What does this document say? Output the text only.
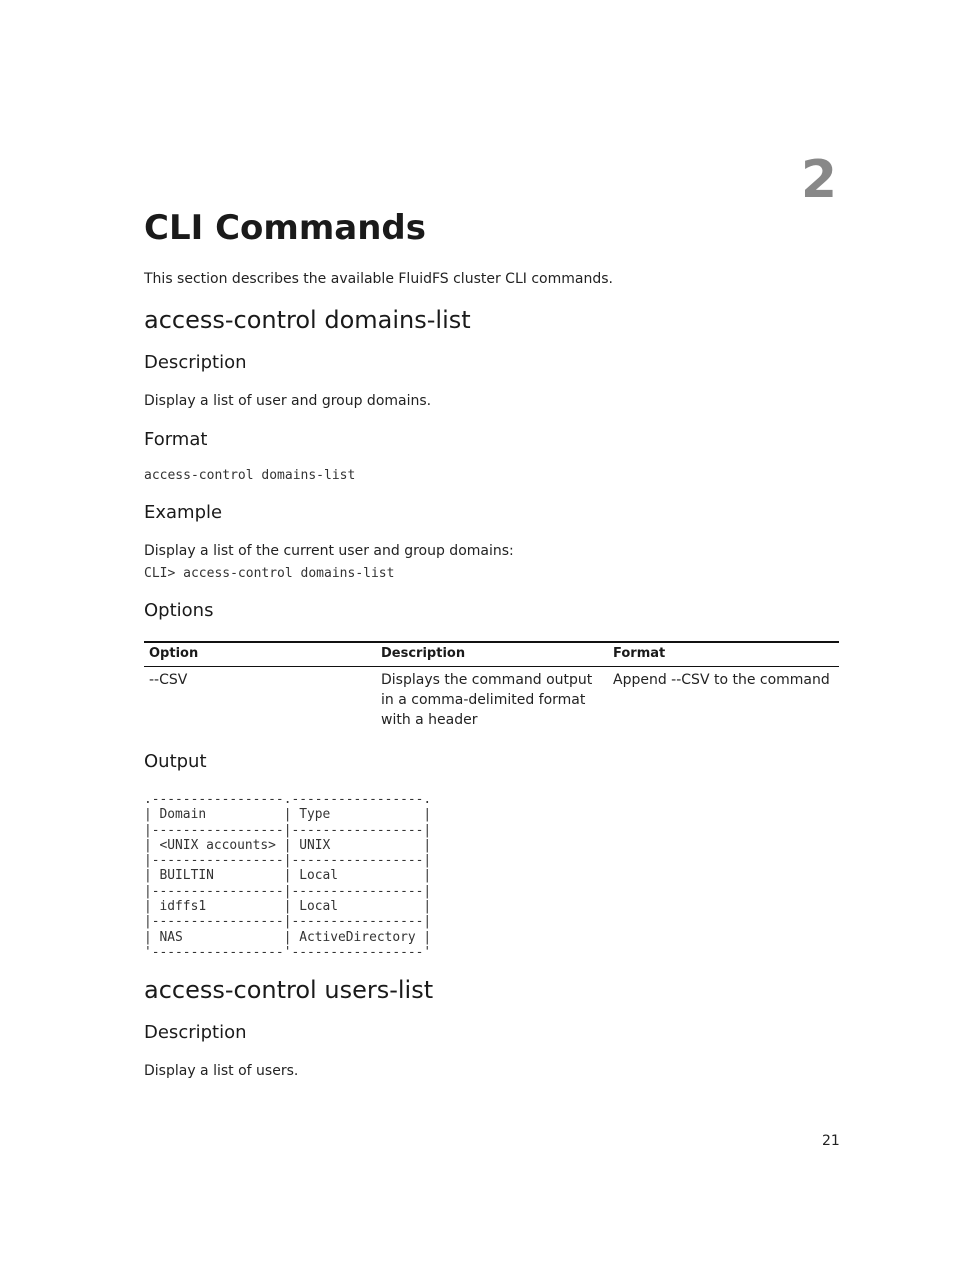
2
CLI Commands
This section describes the available FluidFS cluster CLI commands.
access-control domains-list
Description
Display a list of user and group domains.
Format
access-control domains-list
Example
Display a list of the current user and group domains:
CLI> access-control domains-list
Options
Option	Description	Format
--CSV	Displays the command output in a comma-delimited format with a header	Append --CSV to the command
Output
.-----------------.-----------------.
| Domain          | Type            |
|-----------------|-----------------|
| <UNIX accounts> | UNIX            |
|-----------------|-----------------|
| BUILTIN         | Local           |
|-----------------|-----------------|
| idffs1          | Local           |
|-----------------|-----------------|
| NAS             | ActiveDirectory |
'-----------------'-----------------'
access-control users-list
Description
Display a list of users.
21
